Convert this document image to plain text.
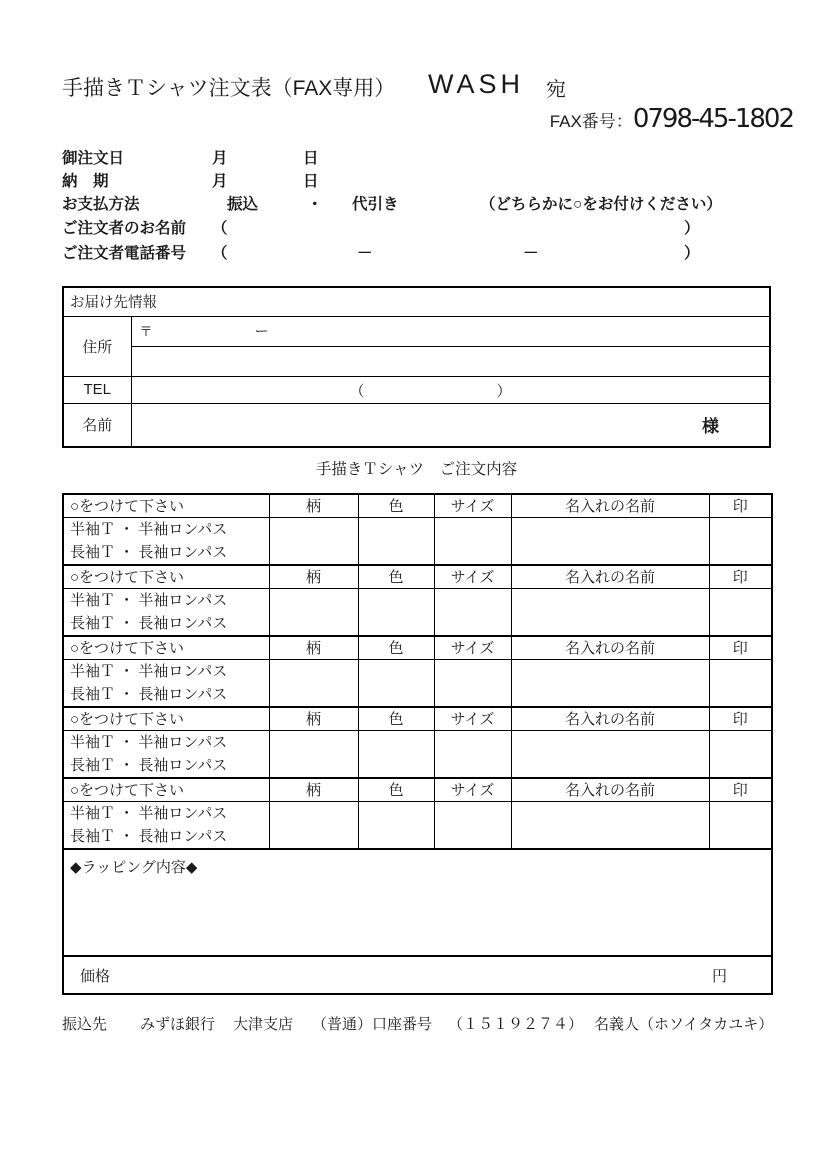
手描きＴシャツ注文表（FAX専用） WASH 宛
FAX番号： 0798-45-1802
御注文日	月	日
納　期	月	日
お支払方法	振込	・ 代引き	（どちらかに○をお付けください）
ご注文者のお名前 （	）
ご注文者電話番号 （	－	－	）
お届け先情報	
住所	〒 ー

TEL	（ ）

名前	様
手描きＴシャツ　ご注文内容
○をつけて下さい	柄	色	サイズ	名入れの名前	印

半袖Ｔ ・ 半袖ロンパス
長袖Ｔ ・ 長袖ロンパス					

○をつけて下さい	柄	色	サイズ	名入れの名前	印

半袖Ｔ ・ 半袖ロンパス
長袖Ｔ ・ 長袖ロンパス					

○をつけて下さい	柄	色	サイズ	名入れの名前	印

半袖Ｔ ・ 半袖ロンパス
長袖Ｔ ・ 長袖ロンパス					

○をつけて下さい	柄	色	サイズ	名入れの名前	印

半袖Ｔ ・ 半袖ロンパス
長袖Ｔ ・ 長袖ロンパス					

○をつけて下さい	柄	色	サイズ	名入れの名前	印

半袖Ｔ ・ 半袖ロンパス
長袖Ｔ ・ 長袖ロンパス					

◆ラッピング内容◆					

価格 円					
振込先 みずほ銀行 大津支店 （普通）口座番号 （１５１９２７４） 名義人（ホソイタカユキ）
